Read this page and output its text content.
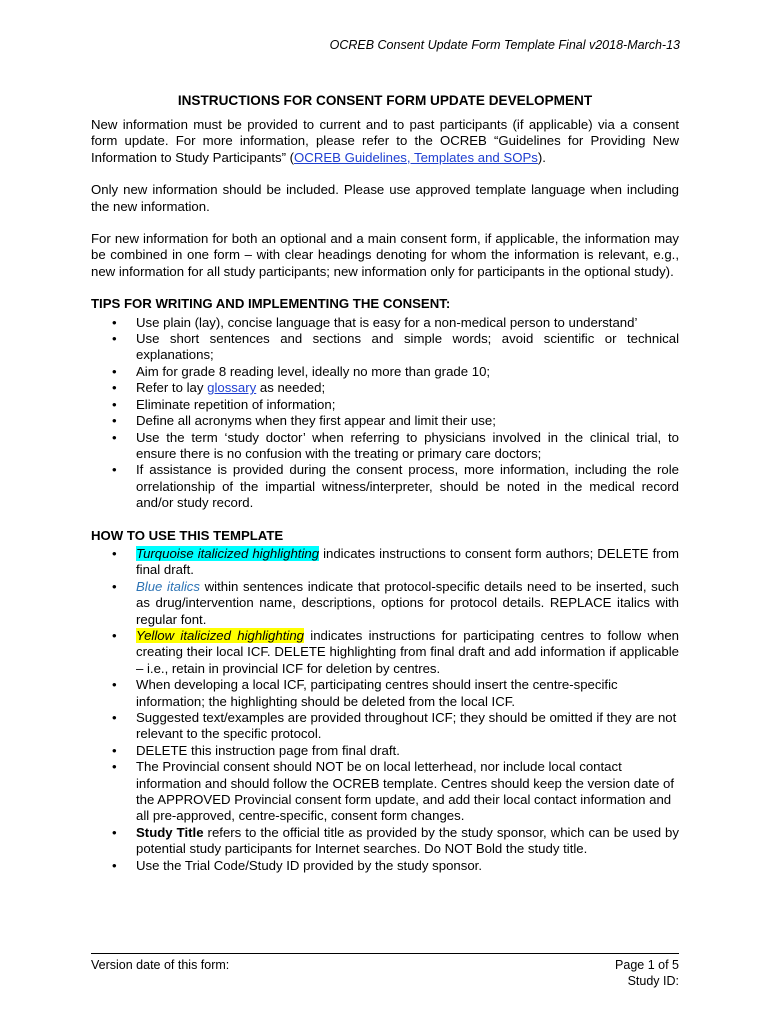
OCREB Consent Update Form Template Final v2018-March-13
INSTRUCTIONS FOR CONSENT FORM UPDATE DEVELOPMENT

New information must be provided to current and to past participants (if applicable) via a consent form update. For more information, please refer to the OCREB “Guidelines for Providing New Information to Study Participants” (OCREB Guidelines, Templates and SOPs).

Only new information should be included. Please use approved template language when including the new information.

For new information for both an optional and a main consent form, if applicable, the information may be combined in one form – with clear headings denoting for whom the information is relevant, e.g., new information for all study participants; new information only for participants in the optional study).

TIPS FOR WRITING AND IMPLEMENTING THE CONSENT:
• Use plain (lay), concise language that is easy for a non-medical person to understand’
• Use short sentences and sections and simple words; avoid scientific or technical explanations;
• Aim for grade 8 reading level, ideally no more than grade 10;
• Refer to lay glossary as needed;
• Eliminate repetition of information;
• Define all acronyms when they first appear and limit their use;
• Use the term ‘study doctor’ when referring to physicians involved in the clinical trial, to ensure there is no confusion with the treating or primary care doctors;
• If assistance is provided during the consent process, more information, including the role orrelationship of the impartial witness/interpreter, should be noted in the medical record and/or study record.
HOW TO USE THIS TEMPLATE
• Turquoise italicized highlighting indicates instructions to consent form authors; DELETE from final draft.
• Blue italics within sentences indicate that protocol-specific details need to be inserted, such as drug/intervention name, descriptions, options for protocol details. REPLACE italics with regular font.
• Yellow italicized highlighting indicates instructions for participating centres to follow when creating their local ICF. DELETE highlighting from final draft and add information if applicable – i.e., retain in provincial ICF for deletion by centres.
• When developing a local ICF, participating centres should insert the centre-specific information; the highlighting should be deleted from the local ICF.
• Suggested text/examples are provided throughout ICF; they should be omitted if they are not relevant to the specific protocol.
• DELETE this instruction page from final draft.
• The Provincial consent should NOT be on local letterhead, nor include local contact information and should follow the OCREB template. Centres should keep the version date of the APPROVED Provincial consent form update, and add their local contact information and all pre-approved, centre-specific, consent form changes.
• Study Title refers to the official title as provided by the study sponsor, which can be used by potential study participants for Internet searches. Do NOT Bold the study title.
• Use the Trial Code/Study ID provided by the study sponsor.
Version date of this form:	Page 1 of 5
Study ID:
